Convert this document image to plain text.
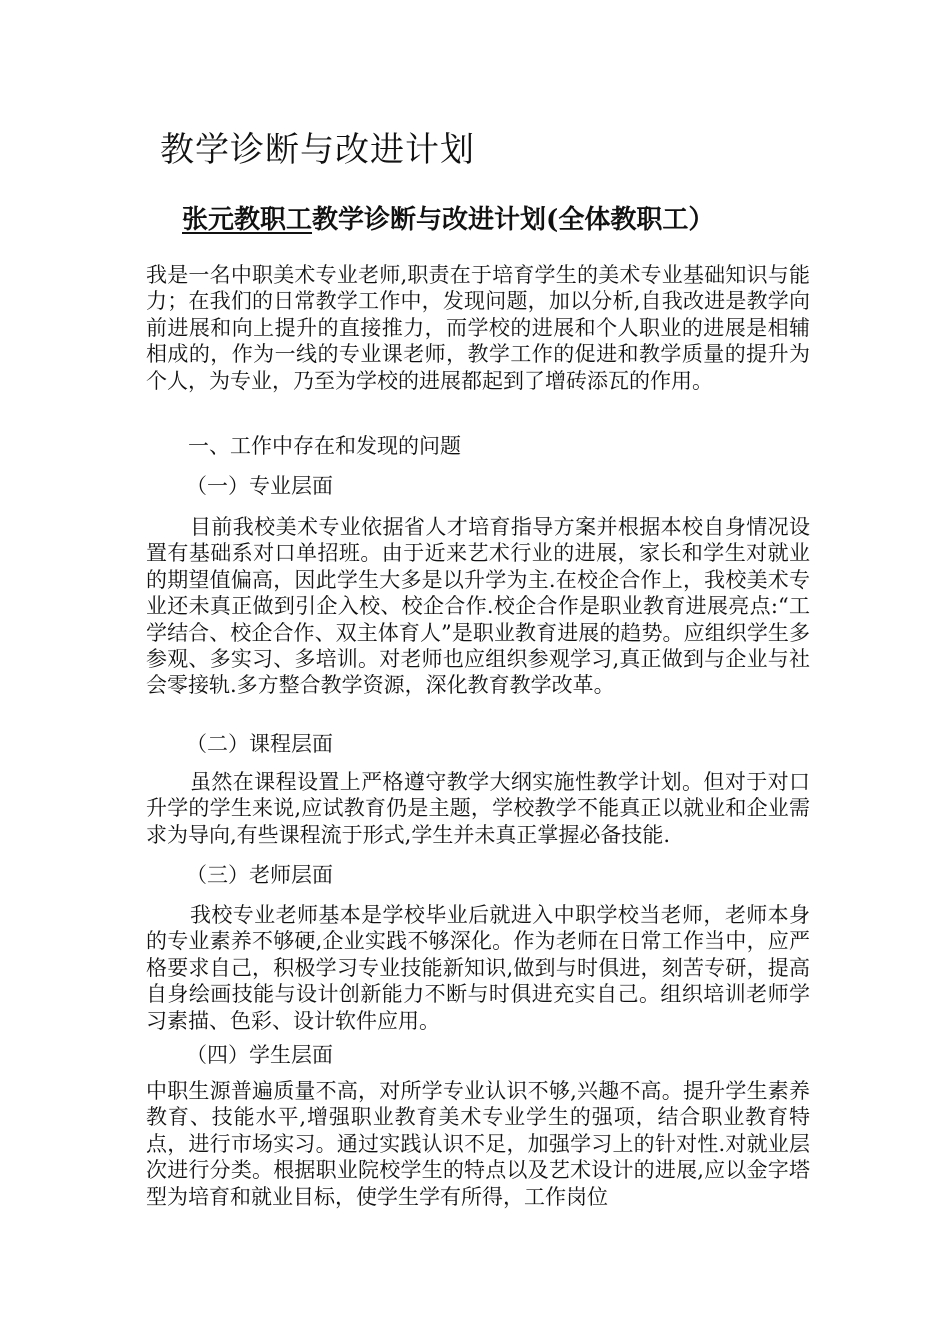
教学诊断与改进计划
张元教职工教学诊断与改进计划(全体教职工）

我是一名中职美术专业老师,职责在于培育学生的美术专业基础知识与能力；在我们的日常教学工作中，发现问题，加以分析,自我改进是教学向前进展和向上提升的直接推力，而学校的进展和个人职业的进展是相辅相成的，作为一线的专业课老师，教学工作的促进和教学质量的提升为个人，为专业，乃至为学校的进展都起到了增砖添瓦的作用。

一、工作中存在和发现的问题

（一）专业层面

目前我校美术专业依据省人才培育指导方案并根据本校自身情况设置有基础系对口单招班。由于近来艺术行业的进展，家长和学生对就业的期望值偏高，因此学生大多是以升学为主.在校企合作上，我校美术专业还未真正做到引企入校、校企合作.校企合作是职业教育进展亮点:“工学结合、校企合作、双主体育人”是职业教育进展的趋势。应组织学生多参观、多实习、多培训。对老师也应组织参观学习,真正做到与企业与社会零接轨.多方整合教学资源，深化教育教学改革。

（二）课程层面

虽然在课程设置上严格遵守教学大纲实施性教学计划。但对于对口升学的学生来说,应试教育仍是主题，学校教学不能真正以就业和企业需求为导向,有些课程流于形式,学生并未真正掌握必备技能.

（三）老师层面

我校专业老师基本是学校毕业后就进入中职学校当老师，老师本身的专业素养不够硬,企业实践不够深化。作为老师在日常工作当中，应严格要求自己，积极学习专业技能新知识,做到与时俱进，刻苦专研，提高自身绘画技能与设计创新能力不断与时俱进充实自己。组织培训老师学习素描、色彩、设计软件应用。

（四）学生层面

中职生源普遍质量不高，对所学专业认识不够,兴趣不高。提升学生素养教育、技能水平,增强职业教育美术专业学生的强项，结合职业教育特点，进行市场实习。通过实践认识不足，加强学习上的针对性.对就业层次进行分类。根据职业院校学生的特点以及艺术设计的进展,应以金字塔型为培育和就业目标，使学生学有所得，工作岗位
